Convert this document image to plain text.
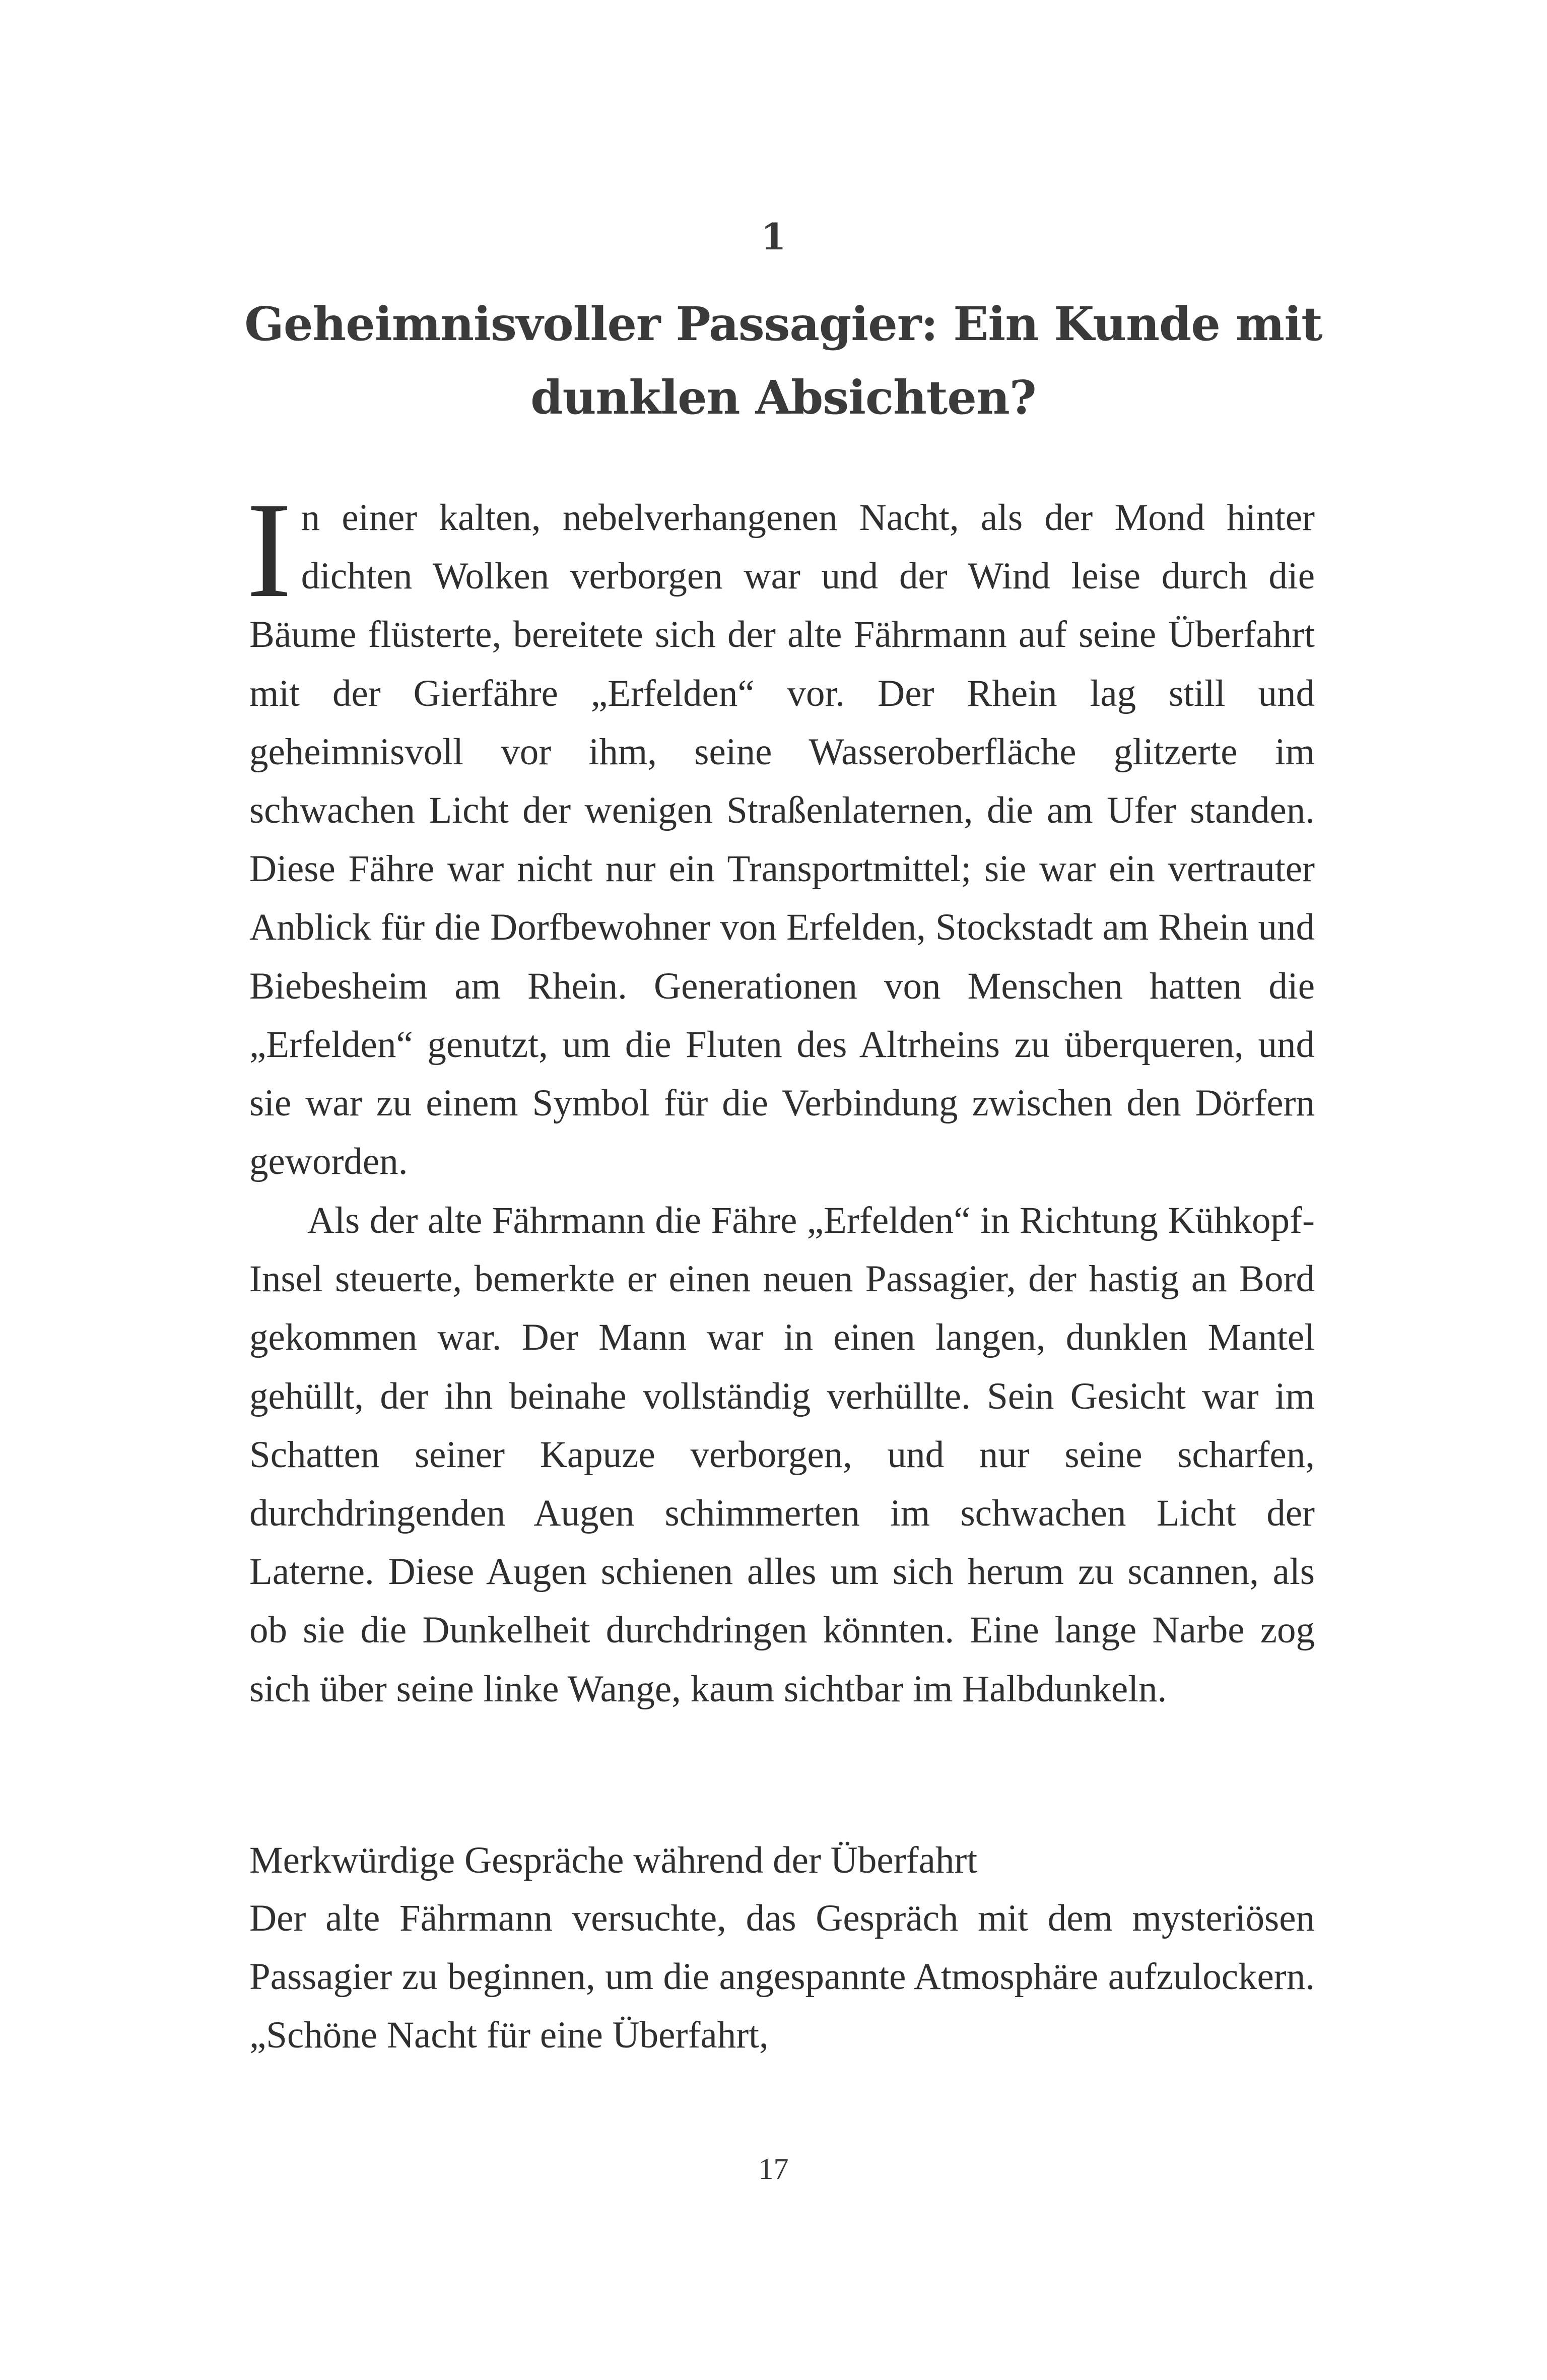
1
Geheimnisvoller Passagier: Ein Kunde mit dunklen Absichten?
In einer kalten, nebelverhangenen Nacht, als der Mond hinter dichten Wolken verborgen war und der Wind leise durch die Bäume flüsterte, bereitete sich der alte Fährmann auf seine Überfahrt mit der Gierfähre „Erfelden“ vor. Der Rhein lag still und geheimnisvoll vor ihm, seine Wasseroberfläche glitzerte im schwachen Licht der wenigen Straßenlaternen, die am Ufer standen. Diese Fähre war nicht nur ein Transportmittel; sie war ein vertrauter Anblick für die Dorfbewohner von Erfelden, Stockstadt am Rhein und Biebesheim am Rhein. Generationen von Menschen hatten die „Erfelden“ genutzt, um die Fluten des Altrheins zu überqueren, und sie war zu einem Symbol für die Verbindung zwischen den Dörfern geworden.
Als der alte Fährmann die Fähre „Erfelden“ in Richtung Kühkopf-Insel steuerte, bemerkte er einen neuen Passagier, der hastig an Bord gekommen war. Der Mann war in einen langen, dunklen Mantel gehüllt, der ihn beinahe vollständig verhüllte. Sein Gesicht war im Schatten seiner Kapuze verborgen, und nur seine scharfen, durchdringenden Augen schimmerten im schwachen Licht der Laterne. Diese Augen schienen alles um sich herum zu scannen, als ob sie die Dunkelheit durchdringen könnten. Eine lange Narbe zog sich über seine linke Wange, kaum sichtbar im Halbdunkeln.
Merkwürdige Gespräche während der Überfahrt
Der alte Fährmann versuchte, das Gespräch mit dem mysteriösen Passagier zu beginnen, um die angespannte Atmosphäre aufzulockern. „Schöne Nacht für eine Überfahrt,
17
